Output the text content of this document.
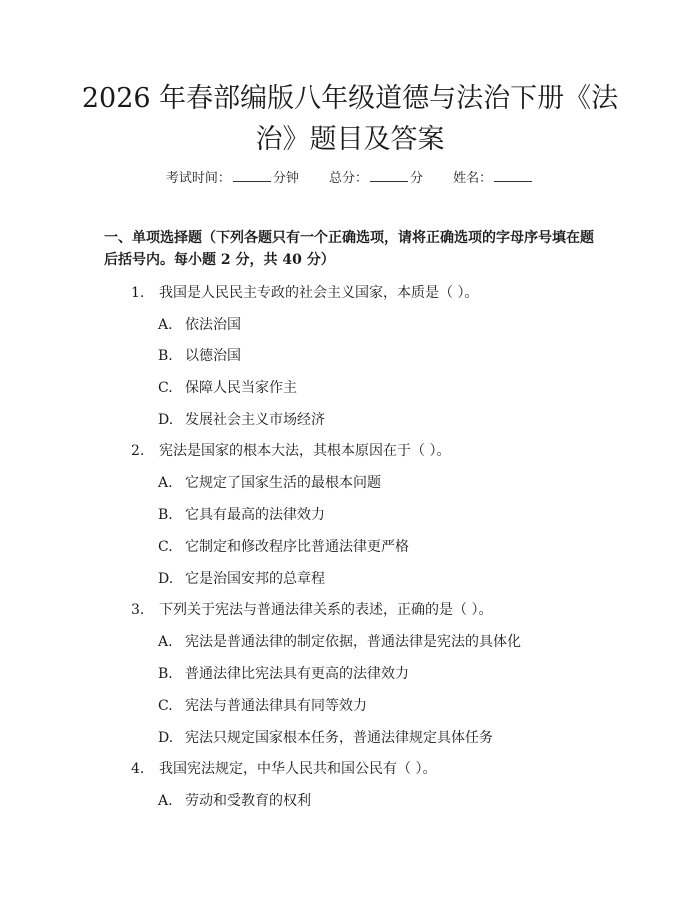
2026 年春部编版八年级道德与法治下册《法治》题目及答案
考试时间：	分钟 总分：	分 姓名：

一、单项选择题（下列各题只有一个正确选项，请将正确选项的字母序号填在题后括号内。每小题 2 分，共 40 分）

1. 我国是人民民主专政的社会主义国家，本质是（ ）。
A. 依法治国
B. 以德治国
C. 保障人民当家作主
D. 发展社会主义市场经济
2. 宪法是国家的根本大法，其根本原因在于（ ）。
A. 它规定了国家生活的最根本问题
B. 它具有最高的法律效力
C. 它制定和修改程序比普通法律更严格
D. 它是治国安邦的总章程
3. 下列关于宪法与普通法律关系的表述，正确的是（ ）。
A. 宪法是普通法律的制定依据，普通法律是宪法的具体化
B. 普通法律比宪法具有更高的法律效力
C. 宪法与普通法律具有同等效力
D. 宪法只规定国家根本任务，普通法律规定具体任务
4. 我国宪法规定，中华人民共和国公民有（ ）。
A. 劳动和受教育的权利
